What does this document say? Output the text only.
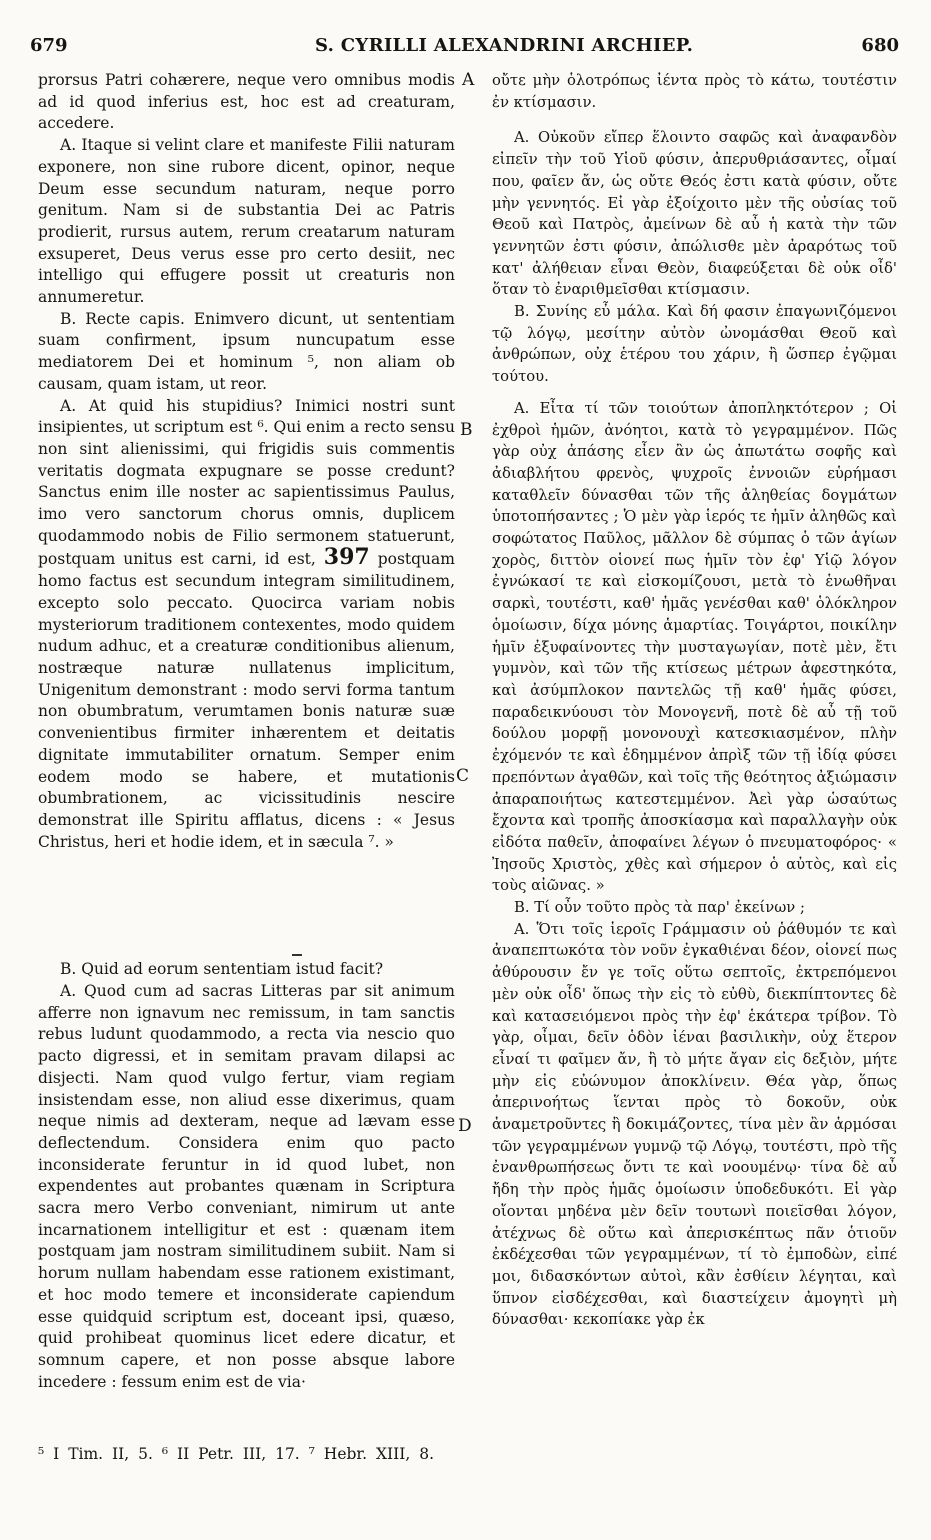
679	S. CYRILLI ALEXANDRINI ARCHIEP.	680

prorsus Patri cohærere, neque vero omnibus modis ad id quod inferius est, hoc est ad creaturam, accedere.

A. Itaque si velint clare et manifeste Filii naturam exponere, non sine rubore dicent, opinor, neque Deum esse secundum naturam, neque porro genitum. Nam si de substantia Dei ac Patris prodierit, rursus autem, rerum creatarum naturam exsuperet, Deus verus esse pro certo desiit, nec intelligo qui effugere possit ut creaturis non annumeretur.

B. Recte capis. Enimvero dicunt, ut sententiam suam confirment, ipsum nuncupatum esse mediatorem Dei et hominum ⁵, non aliam ob causam, quam istam, ut reor.

A. At quid his stupidius? Inimici nostri sunt insipientes, ut scriptum est ⁶. Qui enim a recto sensu non sint alienissimi, qui frigidis suis commentis veritatis dogmata expugnare se posse credunt? Sanctus enim ille noster ac sapientissimus Paulus, imo vero sanctorum chorus omnis, duplicem quodammodo nobis de Filio sermonem statuerunt, postquam unitus est carni, id est, 397 postquam homo factus est secundum integram similitudinem, excepto solo peccato. Quocirca variam nobis mysteriorum traditionem contexentes, modo quidem nudum adhuc, et a creaturæ conditionibus alienum, nostræque naturæ nullatenus implicitum, Unigenitum demonstrant : modo servi forma tantum non obumbratum, verumtamen bonis naturæ suæ convenientibus firmiter inhærentem et deitatis dignitate immutabiliter ornatum. Semper enim eodem modo se habere, et mutationis obumbrationem, ac vicissitudinis nescire demonstrat ille Spiritu afflatus, dicens : « Jesus Christus, heri et hodie idem, et in sæcula ⁷. »

B. Quid ad eorum sententiam istud facit?

A. Quod cum ad sacras Litteras par sit animum afferre non ignavum nec remissum, in tam sanctis rebus ludunt quodammodo, a recta via nescio quo pacto digressi, et in semitam pravam dilapsi ac disjecti. Nam quod vulgo fertur, viam regiam insistendam esse, non aliud esse dixerimus, quam neque nimis ad dexteram, neque ad lævam esse deflectendum. Considera enim quo pacto inconsiderate feruntur in id quod lubet, non expendentes aut probantes quænam in Scriptura sacra mero Verbo conveniant, nimirum ut ante incarnationem intelligitur et est : quænam item postquam jam nostram similitudinem subiit. Nam si horum nullam habendam esse rationem existimant, et hoc modo temere et inconsiderate capiendum esse quidquid scriptum est, doceant ipsi, quæso, quid prohibeat quominus licet edere dicatur, et somnum capere, et non posse absque labore incedere : fessum enim est de via·

A
B
C
D

οὔτε μὴν ὁλοτρόπως ἰέντα πρὸς τὸ κάτω, τουτέστιν ἐν κτίσμασιν.

Α. Οὐκοῦν εἴπερ ἕλοιντο σαφῶς καὶ ἀναφανδὸν εἰπεῖν τὴν τοῦ Υἱοῦ φύσιν, ἀπερυθριάσαντες, οἶμαί που, φαῖεν ἄν, ὡς οὔτε Θεός ἐστι κατὰ φύσιν, οὔτε μὴν γεννητός. Εἰ γὰρ ἐξοίχοιτο μὲν τῆς οὐσίας τοῦ Θεοῦ καὶ Πατρὸς, ἀμείνων δὲ αὖ ἡ κατὰ τὴν τῶν γεννητῶν ἐστι φύσιν, ἀπώλισθε μὲν ἀραρότως τοῦ κατ' ἀλήθειαν εἶναι Θεὸν, διαφεύξεται δὲ οὐκ οἶδ' ὅταν τὸ ἐναριθμεῖσθαι κτίσμασιν.

Β. Συνίης εὖ μάλα. Καὶ δή φασιν ἐπαγωνιζόμενοι τῷ λόγῳ, μεσίτην αὐτὸν ὠνομάσθαι Θεοῦ καὶ ἀνθρώπων, οὐχ ἑτέρου του χάριν, ἢ ὥσπερ ἐγῷμαι τούτου.

Α. Εἶτα τί τῶν τοιούτων ἀποπληκτότερον ; Οἱ ἐχθροὶ ἡμῶν, ἀνόητοι, κατὰ τὸ γεγραμμένον. Πῶς γὰρ οὐχ ἁπάσης εἶεν ἂν ὡς ἀπωτάτω σοφῆς καὶ ἀδιαβλήτου φρενὸς, ψυχροῖς ἐννοιῶν εὑρήμασι καταθλεῖν δύνασθαι τῶν τῆς ἀληθείας δογμάτων ὑποτοπήσαντες ; Ὁ μὲν γὰρ ἱερός τε ἡμῖν ἀληθῶς καὶ σοφώτατος Παῦλος, μᾶλλον δὲ σύμπας ὁ τῶν ἁγίων χορὸς, διττὸν οἱονεί πως ἡμῖν τὸν ἐφ' Υἱῷ λόγον ἐγνώκασί τε καὶ εἰσκομίζουσι, μετὰ τὸ ἑνωθῆναι σαρκὶ, τουτέστι, καθ' ἡμᾶς γενέσθαι καθ' ὁλόκληρον ὁμοίωσιν, δίχα μόνης ἁμαρτίας. Τοιγάρτοι, ποικίλην ἡμῖν ἐξυφαίνοντες τὴν μυσταγωγίαν, ποτὲ μὲν, ἔτι γυμνὸν, καὶ τῶν τῆς κτίσεως μέτρων ἀφεστηκότα, καὶ ἀσύμπλοκον παντελῶς τῇ καθ' ἡμᾶς φύσει, παραδεικνύουσι τὸν Μονογενῆ, ποτὲ δὲ αὖ τῇ τοῦ δούλου μορφῇ μονονουχὶ κατεσκιασμένον, πλὴν ἐχόμενόν τε καὶ ἐδημμένον ἀπρὶξ τῶν τῇ ἰδίᾳ φύσει πρεπόντων ἀγαθῶν, καὶ τοῖς τῆς θεότητος ἀξιώμασιν ἀπαραποιήτως κατεστεμμένον. Ἀεὶ γὰρ ὡσαύτως ἔχοντα καὶ τροπῆς ἀποσκίασμα καὶ παραλλαγὴν οὐκ εἰδότα παθεῖν, ἀποφαίνει λέγων ὁ πνευματοφόρος· « Ἰησοῦς Χριστὸς, χθὲς καὶ σήμερον ὁ αὐτὸς, καὶ εἰς τοὺς αἰῶνας. »

Β. Τί οὖν τοῦτο πρὸς τὰ παρ' ἐκείνων ;

Α. Ὅτι τοῖς ἱεροῖς Γράμμασιν οὐ ῥάθυμόν τε καὶ ἀναπεπτωκότα τὸν νοῦν ἐγκαθιέναι δέον, οἱονεί πως ἀθύρουσιν ἔν γε τοῖς οὕτω σεπτοῖς, ἐκτρεπόμενοι μὲν οὐκ οἶδ' ὅπως τὴν εἰς τὸ εὐθὺ, διεκπίπτοντες δὲ καὶ κατασειόμενοι πρὸς τὴν ἐφ' ἑκάτερα τρίβον. Τὸ γὰρ, οἶμαι, δεῖν ὁδὸν ἰέναι βασιλικὴν, οὐχ ἕτερον εἶναί τι φαῖμεν ἄν, ἢ τὸ μήτε ἄγαν εἰς δεξιὸν, μήτε μὴν εἰς εὐώνυμον ἀποκλίνειν. Θέα γὰρ, ὅπως ἀπερινοήτως ἵενται πρὸς τὸ δοκοῦν, οὐκ ἀναμετροῦντες ἢ δοκιμάζοντες, τίνα μὲν ἂν ἁρμόσαι τῶν γεγραμμένων γυμνῷ τῷ Λόγῳ, τουτέστι, πρὸ τῆς ἐνανθρωπήσεως ὄντι τε καὶ νοουμένῳ· τίνα δὲ αὖ ἤδη τὴν πρὸς ἡμᾶς ὁμοίωσιν ὑποδεδυκότι. Εἰ γὰρ οἴονται μηδένα μὲν δεῖν τουτωνὶ ποιεῖσθαι λόγον, ἀτέχνως δὲ οὕτω καὶ ἀπερισκέπτως πᾶν ὁτιοῦν ἐκδέχεσθαι τῶν γεγραμμένων, τί τὸ ἐμποδὼν, εἰπέ μοι, διδασκόντων αὐτοὶ, κἂν ἐσθίειν λέγηται, καὶ ὕπνον εἰσδέχεσθαι, καὶ διαστείχειν ἀμογητὶ μὴ δύνασθαι· κεκοπίακε γὰρ ἐκ

⁵ I Tim. II, 5. ⁶ II Petr. III, 17. ⁷ Hebr. XIII, 8.
